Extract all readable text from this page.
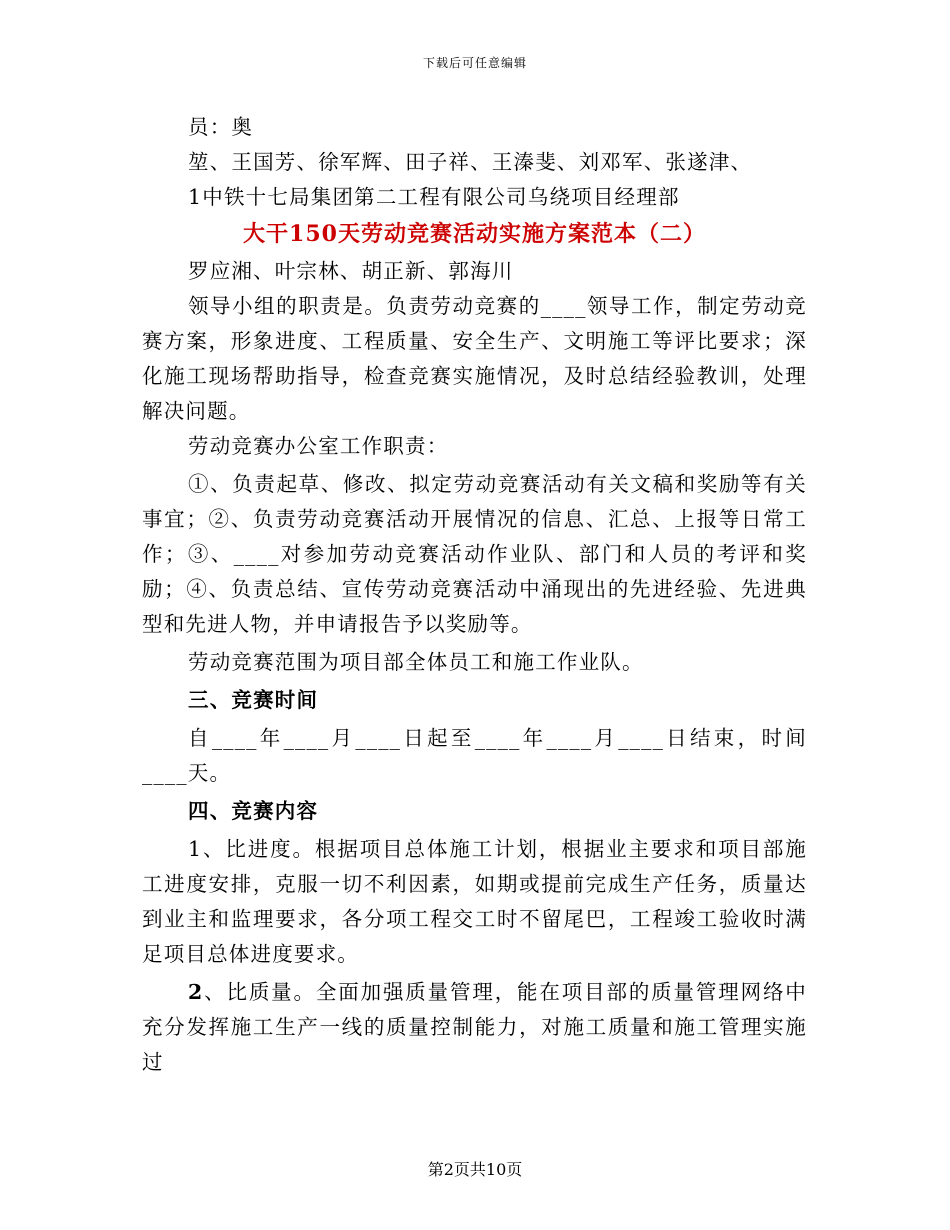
下载后可任意编辑

员：奥

堃、王国芳、徐军辉、田子祥、王溱斐、刘邓军、张遂津、

1中铁十七局集团第二工程有限公司乌绕项目经理部

大干150天劳动竞赛活动实施方案范本（二）

罗应湘、叶宗林、胡正新、郭海川

领导小组的职责是。负责劳动竞赛的____领导工作，制定劳动竞赛方案，形象进度、工程质量、安全生产、文明施工等评比要求；深化施工现场帮助指导，检查竞赛实施情况，及时总结经验教训，处理解决问题。

劳动竞赛办公室工作职责：

①、负责起草、修改、拟定劳动竞赛活动有关文稿和奖励等有关事宜；②、负责劳动竞赛活动开展情况的信息、汇总、上报等日常工作；③、____对参加劳动竞赛活动作业队、部门和人员的考评和奖励；④、负责总结、宣传劳动竞赛活动中涌现出的先进经验、先进典型和先进人物，并申请报告予以奖励等。

劳动竞赛范围为项目部全体员工和施工作业队。

三、竞赛时间

自____年____月____日起至____年____月____日结束，时间____天。

四、竞赛内容

1、比进度。根据项目总体施工计划，根据业主要求和项目部施工进度安排，克服一切不利因素，如期或提前完成生产任务，质量达到业主和监理要求，各分项工程交工时不留尾巴，工程竣工验收时满足项目总体进度要求。

2、比质量。全面加强质量管理，能在项目部的质量管理网络中充分发挥施工生产一线的质量控制能力，对施工质量和施工管理实施过

第2页共10页
